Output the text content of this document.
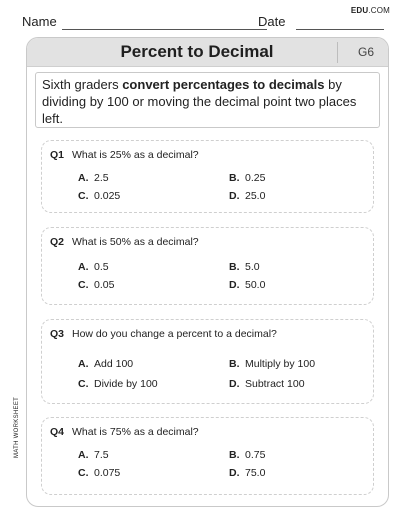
EDU.COM
Name	Date
Percent to Decimal	G6
Sixth graders convert percentages to decimals by dividing by 100 or moving the decimal point two places left.
Q1 What is 25% as a decimal?
A. 2.5	B. 0.25
C. 0.025	D. 25.0
Q2 What is 50% as a decimal?
A. 0.5	B. 5.0
C. 0.05	D. 50.0
Q3 How do you change a percent to a decimal?
A. Add 100	B. Multiply by 100
C. Divide by 100	D. Subtract 100
Q4 What is 75% as a decimal?
A. 7.5	B. 0.75
C. 0.075	D. 75.0
MATH WORKSHEET
